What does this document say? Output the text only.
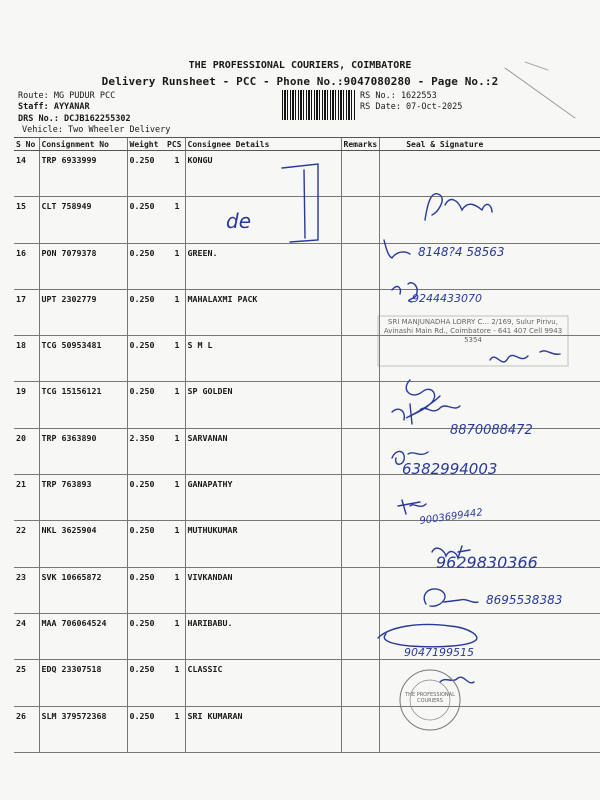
THE PROFESSIONAL COURIERS, COIMBATORE
Delivery Runsheet - PCC - Phone No.:9047080280 - Page No.:2
Route: MG PUDUR PCC
Staff: AYYANAR
DRS No.: DCJB162255302
Vehicle: Two Wheeler Delivery
RS No.: 1622553
RS Date: 07-Oct-2025
S No	Consignment No	Weight	PCS	Consignee Details	Remarks	Seal & Signature
14	TRP 6933999	0.250	1	KONGU		
15	CLT 758949	0.250	1			
16	PON 7079378	0.250	1	GREEN.		
17	UPT 2302779	0.250	1	MAHALAXMI PACK		
18	TCG 50953481	0.250	1	S M L		
19	TCG 15156121	0.250	1	SP GOLDEN		
20	TRP 6363890	2.350	1	SARVANAN		
21	TRP 763893	0.250	1	GANAPATHY		
22	NKL 3625904	0.250	1	MUTHUKUMAR		
23	SVK 10665872	0.250	1	VIVKANDAN		
24	MAA 706064524	0.250	1	HARIBABU.		
25	EDQ 23307518	0.250	1	CLASSIC		
26	SLM 379572368	0.250	1	SRI KUMARAN		
de
8148?4 58563
9244433070
8870088472
6382994003
9003699442
9629830366
8695538383
9047199515
SRI MANJUNADHA LORRY C... 2/169, Sulur Pirivu, Avinashi Main Rd., Coimbatore - 641 407 Cell 9943 5354
THE PROFESSIONAL COURIERS
